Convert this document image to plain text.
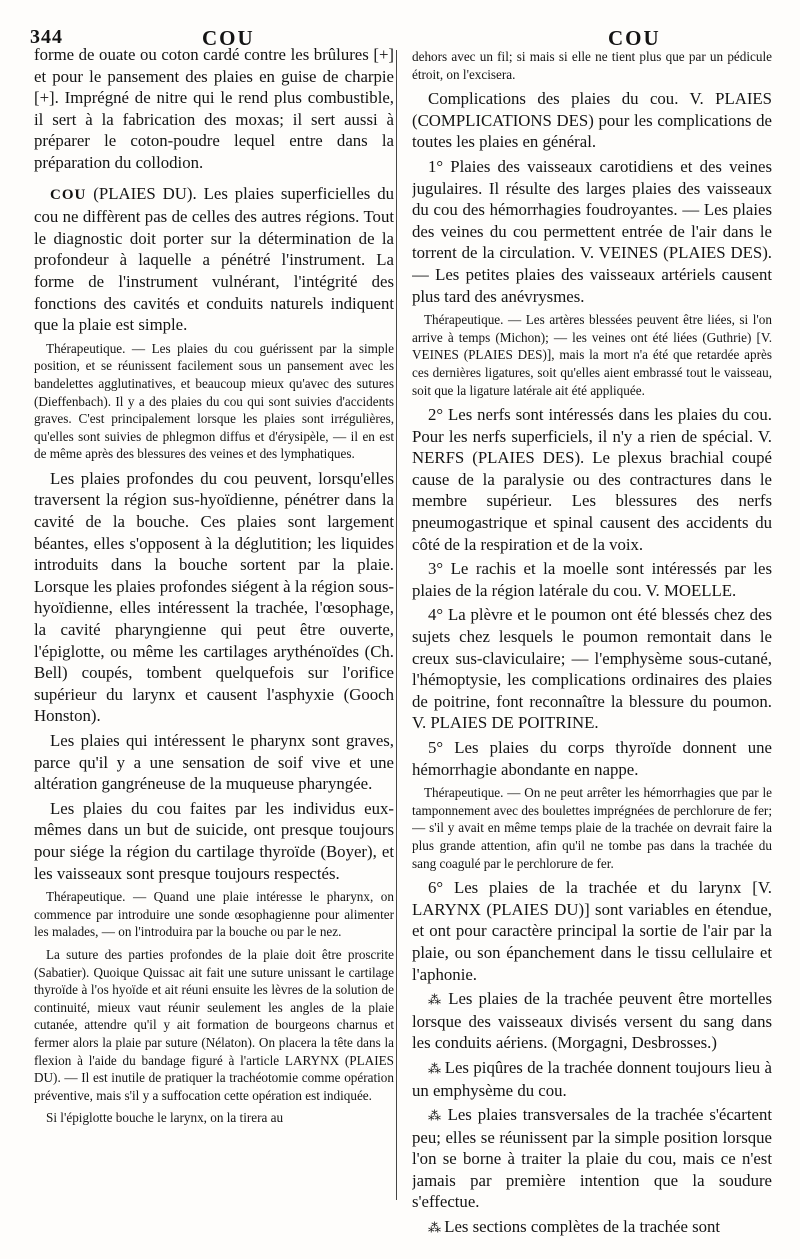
344	COU	COU

forme de ouate ou coton cardé contre les brûlures [+] et pour le pansement des plaies en guise de charpie [+]. Imprégné de nitre qui le rend plus combustible, il sert à la fabrication des moxas; il sert aussi à préparer le coton-poudre lequel entre dans la préparation du collodion.

COU (PLAIES DU). Les plaies superficielles du cou ne diffèrent pas de celles des autres régions. Tout le diagnostic doit porter sur la détermination de la profondeur à laquelle a pénétré l'instrument. La forme de l'instrument vulnérant, l'intégrité des fonctions des cavités et conduits naturels indiquent que la plaie est simple.

Thérapeutique. — Les plaies du cou guérissent par la simple position, et se réunissent facilement sous un pansement avec les bandelettes agglutinatives, et beaucoup mieux qu'avec des sutures (Dieffenbach). Il y a des plaies du cou qui sont suivies d'accidents graves. C'est principalement lorsque les plaies sont irrégulières, qu'elles sont suivies de phlegmon diffus et d'érysipèle, — il en est de même après des blessures des veines et des lymphatiques.

Les plaies profondes du cou peuvent, lorsqu'elles traversent la région sus-hyoïdienne, pénétrer dans la cavité de la bouche. Ces plaies sont largement béantes, elles s'opposent à la déglutition; les liquides introduits dans la bouche sortent par la plaie. Lorsque les plaies profondes siégent à la région sous-hyoïdienne, elles intéressent la trachée, l'œsophage, la cavité pharyngienne qui peut être ouverte, l'épiglotte, ou même les cartilages arythénoïdes (Ch. Bell) coupés, tombent quelquefois sur l'orifice supérieur du larynx et causent l'asphyxie (Gooch Honston).

Les plaies qui intéressent le pharynx sont graves, parce qu'il y a une sensation de soif vive et une altération gangréneuse de la muqueuse pharyngée.

Les plaies du cou faites par les individus eux-mêmes dans un but de suicide, ont presque toujours pour siége la région du cartilage thyroïde (Boyer), et les vaisseaux sont presque toujours respectés.

Thérapeutique. — Quand une plaie intéresse le pharynx, on commence par introduire une sonde œsophagienne pour alimenter les malades, — on l'introduira par la bouche ou par le nez.

La suture des parties profondes de la plaie doit être proscrite (Sabatier). Quoique Quissac ait fait une suture unissant le cartilage thyroïde à l'os hyoïde et ait réuni ensuite les lèvres de la solution de continuité, mieux vaut réunir seulement les angles de la plaie cutanée, attendre qu'il y ait formation de bourgeons charnus et fermer alors la plaie par suture (Nélaton). On placera la tête dans la flexion à l'aide du bandage figuré à l'article LARYNX (PLAIES DU). — Il est inutile de pratiquer la trachéotomie comme opération préventive, mais s'il y a suffocation cette opération est indiquée.

Si l'épiglotte bouche le larynx, on la tirera au

dehors avec un fil; si mais si elle ne tient plus que par un pédicule étroit, on l'excisera.

Complications des plaies du cou. V. PLAIES (COMPLICATIONS DES) pour les complications de toutes les plaies en général.

1° Plaies des vaisseaux carotidiens et des veines jugulaires. Il résulte des larges plaies des vaisseaux du cou des hémorrhagies foudroyantes. — Les plaies des veines du cou permettent entrée de l'air dans le torrent de la circulation. V. VEINES (PLAIES DES). — Les petites plaies des vaisseaux artériels causent plus tard des anévrysmes.

Thérapeutique. — Les artères blessées peuvent être liées, si l'on arrive à temps (Michon); — les veines ont été liées (Guthrie) [V. VEINES (PLAIES DES)], mais la mort n'a été que retardée après ces dernières ligatures, soit qu'elles aient embrassé tout le vaisseau, soit que la ligature latérale ait été appliquée.

2° Les nerfs sont intéressés dans les plaies du cou. Pour les nerfs superficiels, il n'y a rien de spécial. V. NERFS (PLAIES DES). Le plexus brachial coupé cause de la paralysie ou des contractures dans le membre supérieur. Les blessures des nerfs pneumogastrique et spinal causent des accidents du côté de la respiration et de la voix.

3° Le rachis et la moelle sont intéressés par les plaies de la région latérale du cou. V. MOELLE.

4° La plèvre et le poumon ont été blessés chez des sujets chez lesquels le poumon remontait dans le creux sus-claviculaire; — l'emphysème sous-cutané, l'hémoptysie, les complications ordinaires des plaies de poitrine, font reconnaître la blessure du poumon. V. PLAIES DE POITRINE.

5° Les plaies du corps thyroïde donnent une hémorrhagie abondante en nappe.

Thérapeutique. — On ne peut arrêter les hémorrhagies que par le tamponnement avec des boulettes imprégnées de perchlorure de fer; — s'il y avait en même temps plaie de la trachée on devrait faire la plus grande attention, afin qu'il ne tombe pas dans la trachée du sang coagulé par le perchlorure de fer.

6° Les plaies de la trachée et du larynx [V. LARYNX (PLAIES DU)] sont variables en étendue, et ont pour caractère principal la sortie de l'air par la plaie, ou son épanchement dans le tissu cellulaire et l'aphonie.

⁂ Les plaies de la trachée peuvent être mortelles lorsque des vaisseaux divisés versent du sang dans les conduits aériens. (Morgagni, Desbrosses.)

⁂ Les piqûres de la trachée donnent toujours lieu à un emphysème du cou.

⁂ Les plaies transversales de la trachée s'écartent peu; elles se réunissent par la simple position lorsque l'on se borne à traiter la plaie du cou, mais ce n'est jamais par première intention que la soudure s'effectue.

⁂ Les sections complètes de la trachée sont
